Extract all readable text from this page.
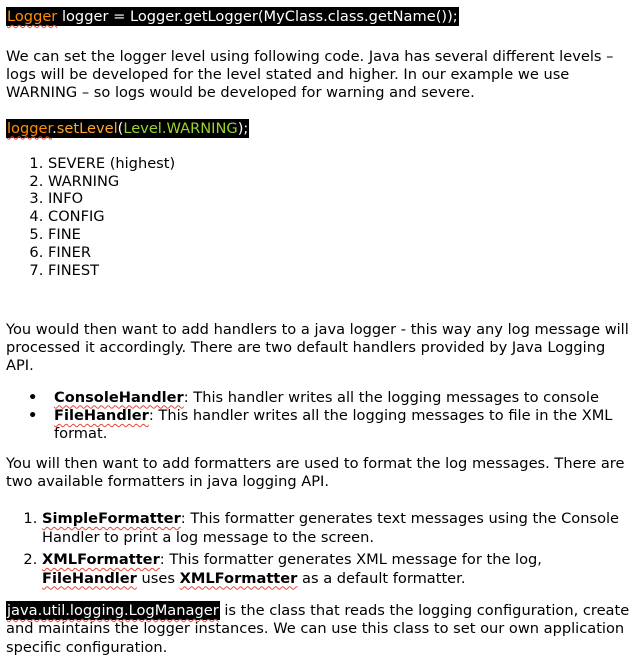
Logger logger = Logger.getLogger(MyClass.class.getName());

We can set the logger level using following code. Java has several different levels – logs will be developed for the level stated and higher. In our example we use WARNING – so logs would be developed for warning and severe.

logger.setLevel(Level.WARNING);
1. SEVERE (highest)
2. WARNING
3. INFO
4. CONFIG
5. FINE
6. FINER
7. FINEST

You would then want to add handlers to a java logger - this way any log message will processed it accordingly. There are two default handlers provided by Java Logging API.

• ConsoleHandler: This handler writes all the logging messages to console
• FileHandler: This handler writes all the logging messages to file in the XML format.

You will then want to add formatters are used to format the log messages. There are two available formatters in java logging API.

1. SimpleFormatter: This formatter generates text messages using the Console Handler to print a log message to the screen.
2. XMLFormatter: This formatter generates XML message for the log, FileHandler uses XMLFormatter as a default formatter.

java.util.logging.LogManager is the class that reads the logging configuration, create and maintains the logger instances. We can use this class to set our own application specific configuration.
